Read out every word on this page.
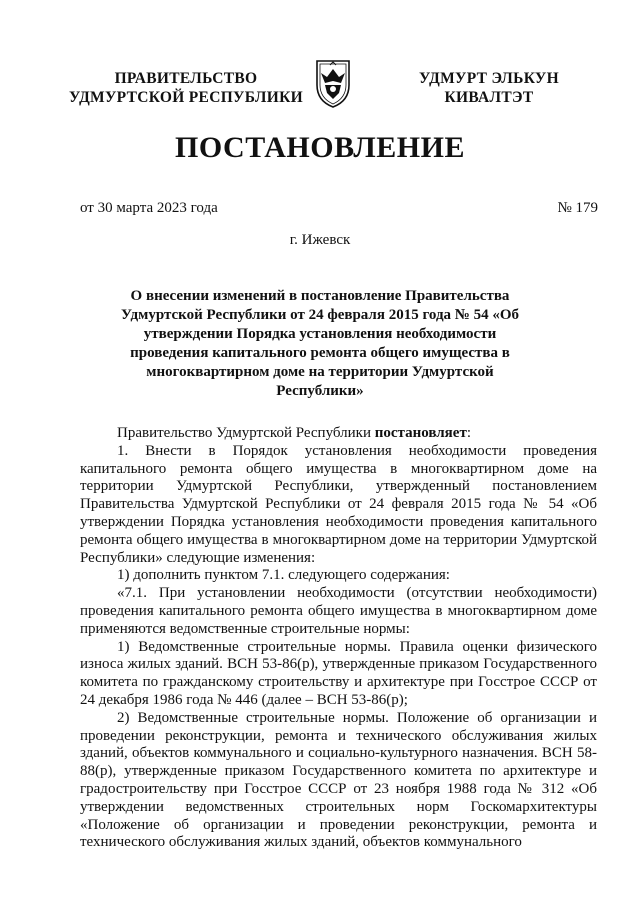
ПРАВИТЕЛЬСТВО
УДМУРТСКОЙ РЕСПУБЛИКИ
УДМУРТ ЭЛЬКУН
КИВАЛТЭТ
ПОСТАНОВЛЕНИЕ
от 30 марта 2023 года	№ 179
г. Ижевск
О внесении изменений в постановление Правительства Удмуртской Республики от 24 февраля 2015 года № 54 «Об утверждении Порядка установления необходимости проведения капитального ремонта общего имущества в многоквартирном доме на территории Удмуртской Республики»

Правительство Удмуртской Республики постановляет:

1. Внести в Порядок установления необходимости проведения капитального ремонта общего имущества в многоквартирном доме на территории Удмуртской Республики, утвержденный постановлением Правительства Удмуртской Республики от 24 февраля 2015 года № 54 «Об утверждении Порядка установления необходимости проведения капитального ремонта общего имущества в многоквартирном доме на территории Удмуртской Республики» следующие изменения:

1) дополнить пунктом 7.1. следующего содержания:

«7.1. При установлении необходимости (отсутствии необходимости) проведения капитального ремонта общего имущества в многоквартирном доме применяются ведомственные строительные нормы:

1) Ведомственные строительные нормы. Правила оценки физического износа жилых зданий. ВСН 53-86(р), утвержденные приказом Государственного комитета по гражданскому строительству и архитектуре при Госстрое СССР от 24 декабря 1986 года № 446 (далее – ВСН 53-86(р);

2) Ведомственные строительные нормы. Положение об организации и проведении реконструкции, ремонта и технического обслуживания жилых зданий, объектов коммунального и социально-культурного назначения. ВСН 58-88(р), утвержденные приказом Государственного комитета по архитектуре и градостроительству при Госстрое СССР от 23 ноября 1988 года № 312 «Об утверждении ведомственных строительных норм Госкомархитектуры «Положение об организации и проведении реконструкции, ремонта и технического обслуживания жилых зданий, объектов коммунального
